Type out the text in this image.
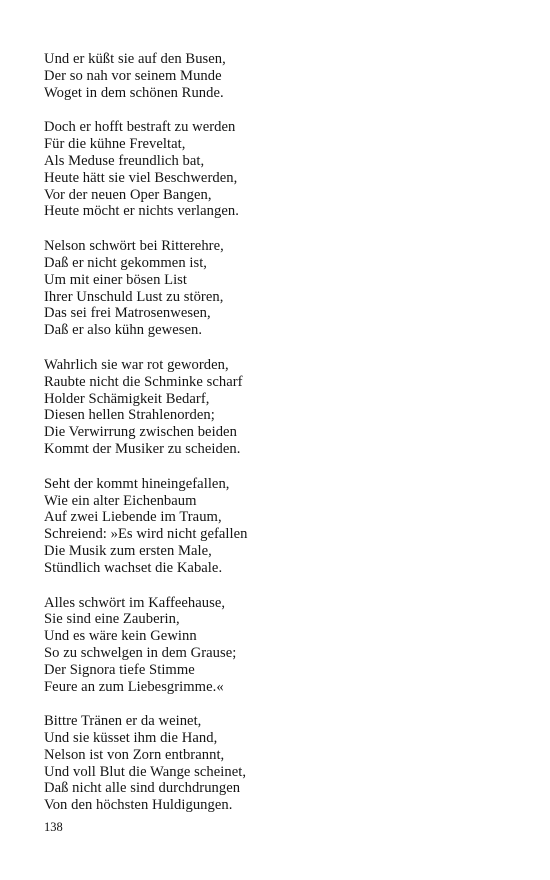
Und er küßt sie auf den Busen,
Der so nah vor seinem Munde
Woget in dem schönen Runde.
Doch er hofft bestraft zu werden
Für die kühne Freveltat,
Als Meduse freundlich bat,
Heute hätt sie viel Beschwerden,
Vor der neuen Oper Bangen,
Heute möcht er nichts verlangen.
Nelson schwört bei Ritterehre,
Daß er nicht gekommen ist,
Um mit einer bösen List
Ihrer Unschuld Lust zu stören,
Das sei frei Matrosenwesen,
Daß er also kühn gewesen.
Wahrlich sie war rot geworden,
Raubte nicht die Schminke scharf
Holder Schämigkeit Bedarf,
Diesen hellen Strahlenorden;
Die Verwirrung zwischen beiden
Kommt der Musiker zu scheiden.
Seht der kommt hineingefallen,
Wie ein alter Eichenbaum
Auf zwei Liebende im Traum,
Schreiend: »Es wird nicht gefallen
Die Musik zum ersten Male,
Stündlich wachset die Kabale.
Alles schwört im Kaffeehause,
Sie sind eine Zauberin,
Und es wäre kein Gewinn
So zu schwelgen in dem Grause;
Der Signora tiefe Stimme
Feure an zum Liebesgrimme.«
Bittre Tränen er da weinet,
Und sie küsset ihm die Hand,
Nelson ist von Zorn entbrannt,
Und voll Blut die Wange scheinet,
Daß nicht alle sind durchdrungen
Von den höchsten Huldigungen.
138
